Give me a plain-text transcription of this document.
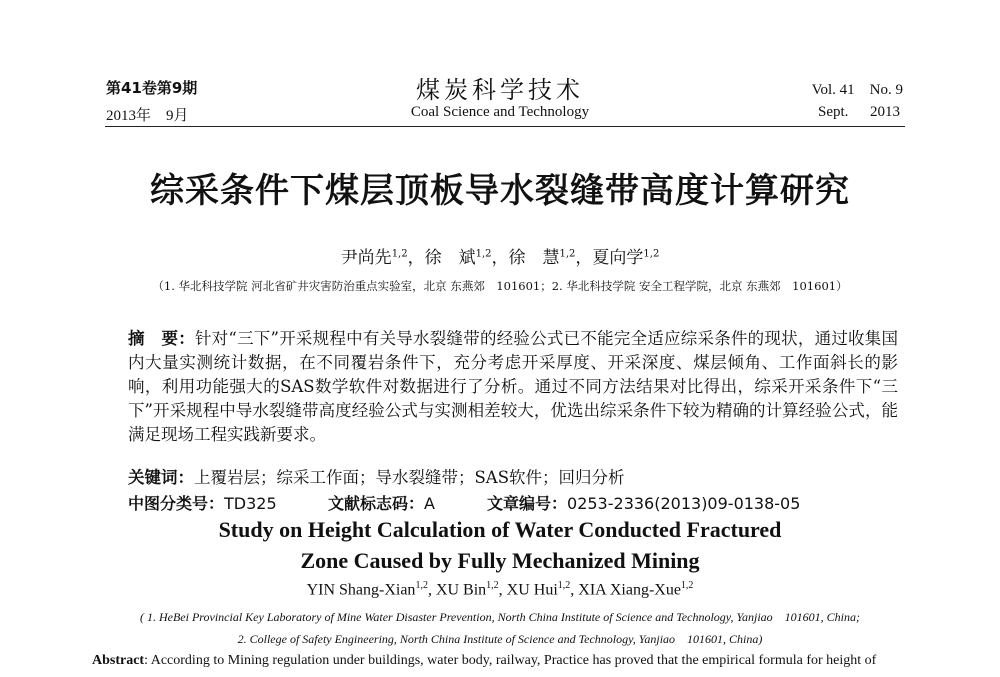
第41卷第9期
2013年　9月
煤炭科学技术
Coal Science and Technology
Vol. 41　No. 9
Sept. 2013
综采条件下煤层顶板导水裂缝带高度计算研究
尹尚先$^{1,2}$，徐　斌$^{1,2}$，徐　慧$^{1,2}$，夏向学$^{1,2}$
（1. 华北科技学院 河北省矿井灾害防治重点实验室，北京 东燕郊　101601；2. 华北科技学院 安全工程学院，北京 东燕郊　101601）
摘　要：针对“三下”开采规程中有关导水裂缝带的经验公式已不能完全适应综采条件的现状，通过收集国内大量实测统计数据，在不同覆岩条件下，充分考虑开采厚度、开采深度、煤层倾角、工作面斜长的影响，利用功能强大的SAS数学软件对数据进行了分析。通过不同方法结果对比得出，综采开采条件下“三下”开采规程中导水裂缝带高度经验公式与实测相差较大，优选出综采条件下较为精确的计算经验公式，能满足现场工程实践新要求。
关键词：上覆岩层；综采工作面；导水裂缝带；SAS软件；回归分析
中图分类号：TD325	文献标志码：A	文章编号：0253-2336(2013)09-0138-05
Study on Height Calculation of Water Conducted Fractured
Zone Caused by Fully Mechanized Mining
YIN Shang-Xian$^{1,2}$, XU Bin$^{1,2}$, XU Hui$^{1,2}$, XIA Xiang-Xue$^{1,2}$
( 1. HeBei Provincial Key Laboratory of Mine Water Disaster Prevention, North China Institute of Science and Technology, Yanjiao　101601, China;
2. College of Safety Engineering, North China Institute of Science and Technology, Yanjiao　101601, China)
Abstract: According to Mining regulation under buildings, water body, railway, Practice has proved that the empirical formula for height of
